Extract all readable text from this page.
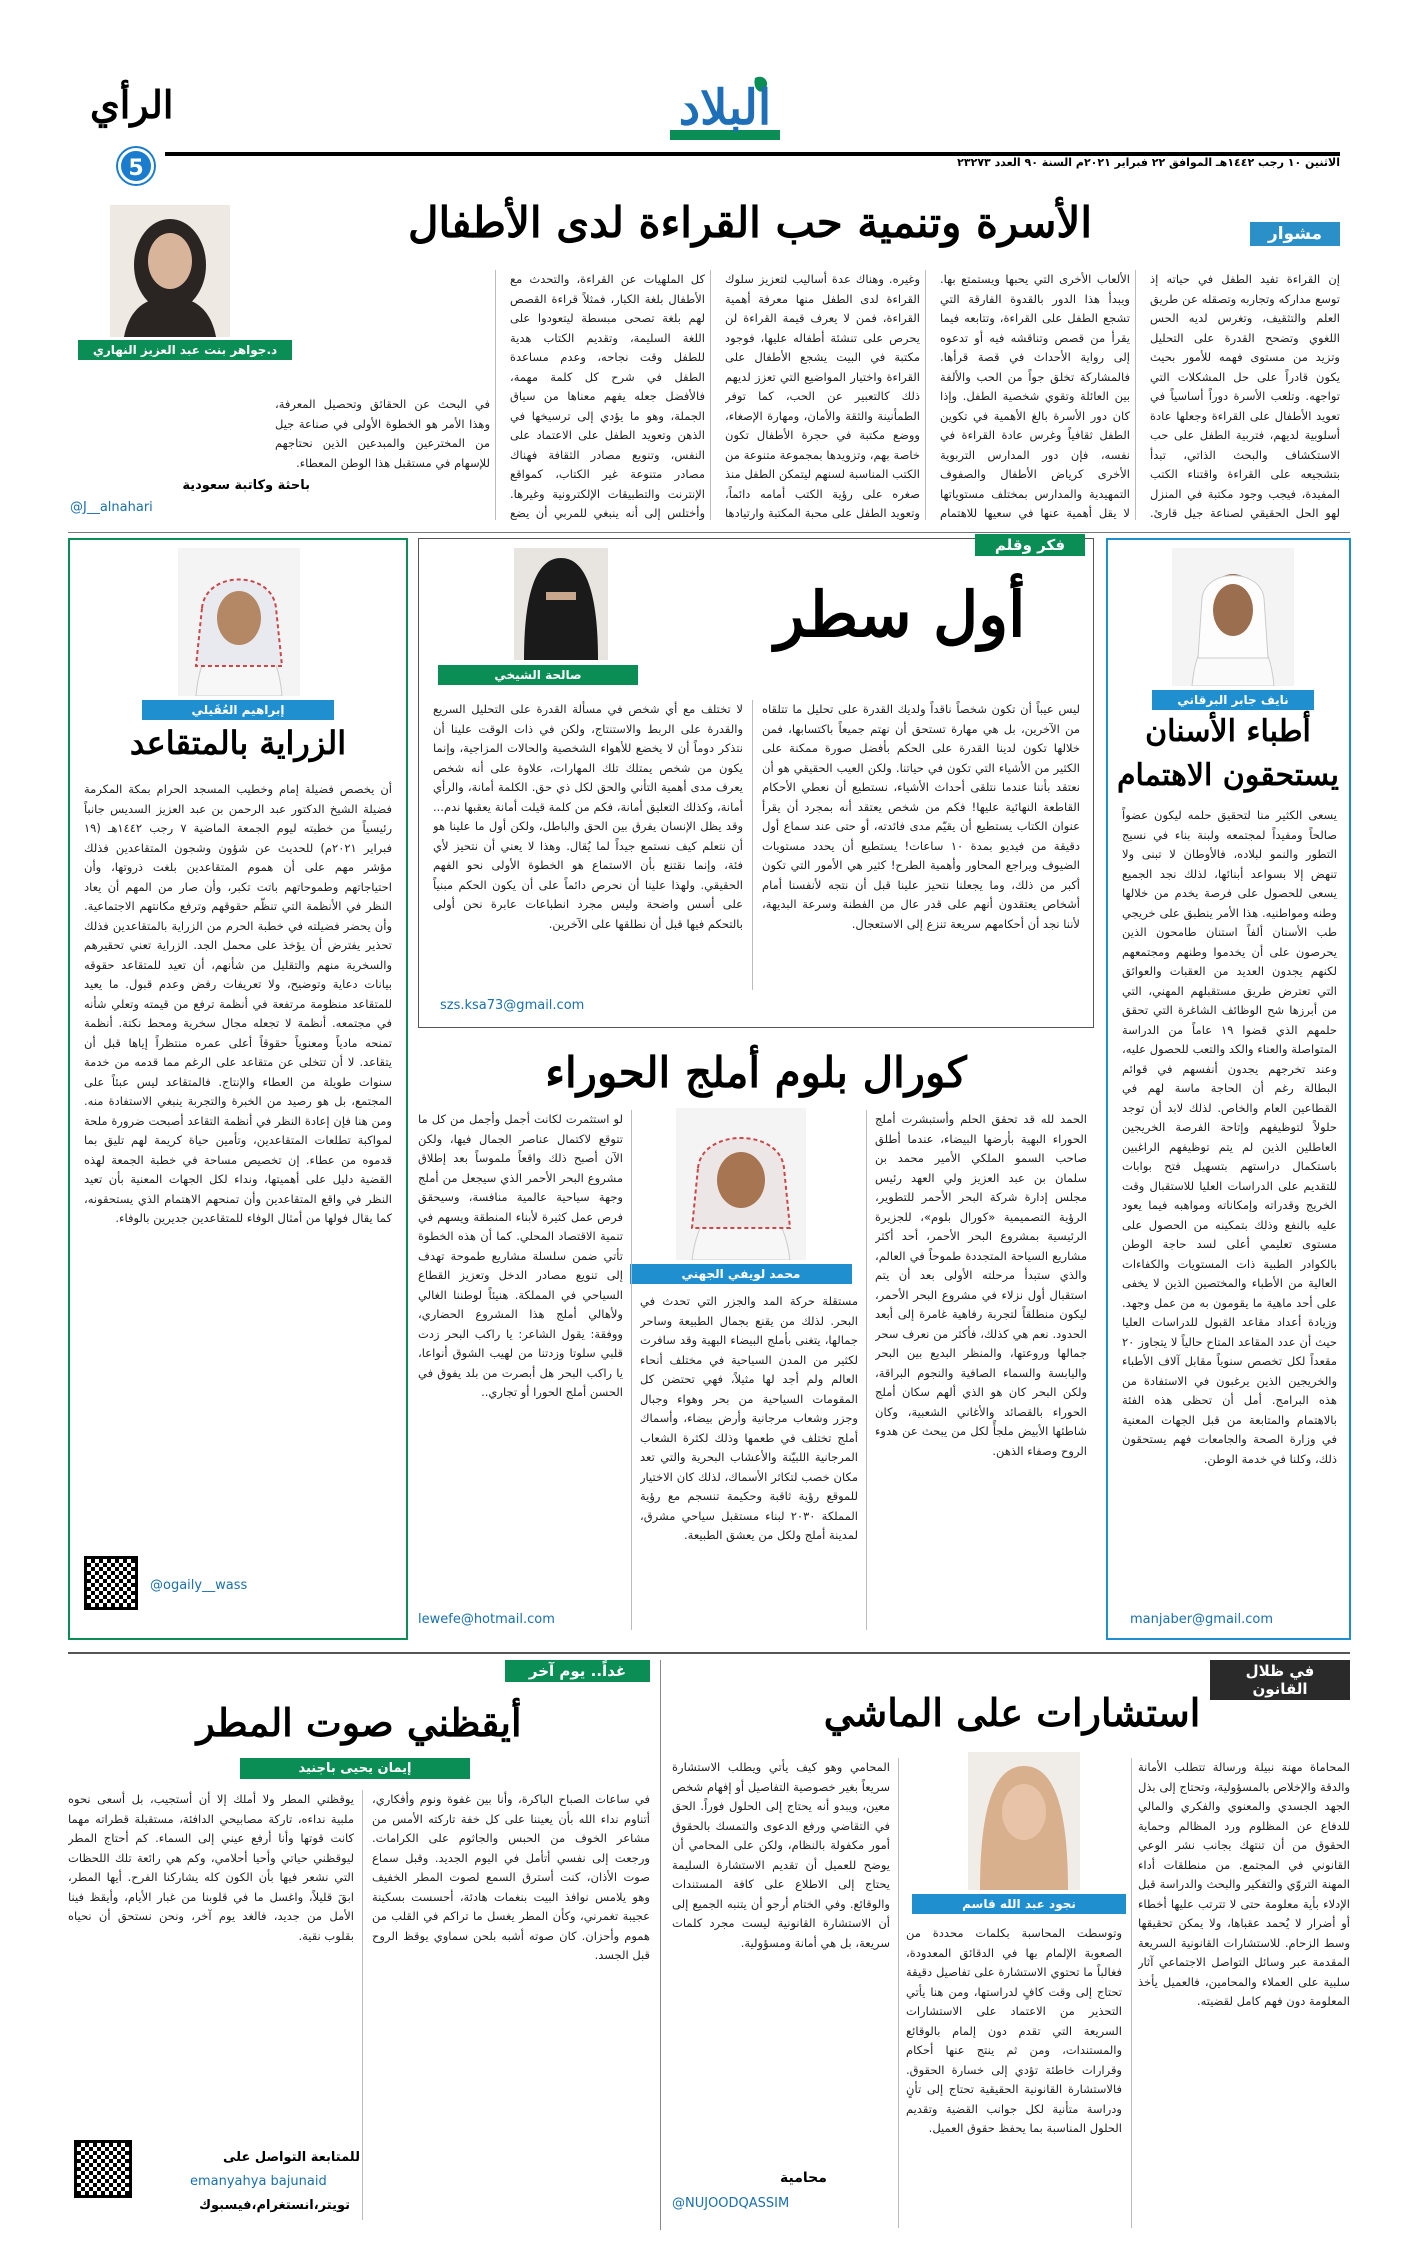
الرأي
5
البلاد
الاثنين ١٠ رجب ١٤٤٢هـ الموافق ٢٢ فبراير ٢٠٢١م السنة ٩٠ العدد ٢٣٢٧٣
مشوار
الأسرة وتنمية حب القراءة لدى الأطفال
د.جواهر بنت عبد العزيز النهاري
إن القراءة تفيد الطفل في حياته إذ توسع مداركه وتجاربه وتصقله عن طريق العلم والتثقيف، وتغرس لديه الحس اللغوي وتضحح القدرة على التحليل وتزيد من مستوى فهمه للأمور بحيث يكون قادراً على حل المشكلات التي تواجهه. وتلعب الأسرة دوراً أساسياً في تعويد الأطفال على القراءة وجعلها عادة أسلوبية لديهم، فتربية الطفل على حب الاستكشاف والبحث الذاتي، تبدأ بتشجيعه على القراءة واقتناء الكتب المفيدة، فيجب وجود مكتبة في المنزل لهو الحل الحقيقي لصناعة جيل قارئ.
الألعاب الأخرى التي يحبها ويستمتع بها. ويبدأ هذا الدور بالقدوة الفارقة التي تشجع الطفل على القراءة، وتتابعه فيما يقرأ من قصص وتناقشه فيه أو تدعوه إلى رواية الأحداث في قصة قرأها. فالمشاركة تخلق جواً من الحب والألفة بين العائلة وتقوي شخصية الطفل. وإذا كان دور الأسرة بالغ الأهمية في تكوين الطفل ثقافياً وغرس عادة القراءة في نفسه، فإن دور المدارس التربوية الأخرى كرياض الأطفال والصفوف التمهيدية والمدارس بمختلف مستوياتها لا يقل أهمية عنها في سعيها للاهتمام
وغيره. وهناك عدة أساليب لتعزيز سلوك القراءة لدى الطفل منها معرفة أهمية القراءة، فمن لا يعرف قيمة القراءة لن يحرص على تنشئة أطفاله عليها، فوجود مكتبة في البيت يشجع الأطفال على القراءة واختيار المواضيع التي تعزز لديهم ذلك كالتعبير عن الحب، كما توفر الطمأنينة والثقة والأمان، ومهارة الإصغاء، ووضع مكتبة في حجرة الأطفال تكون خاصة بهم، وتزويدها بمجموعة متنوعة من الكتب المناسبة لسنهم ليتمكن الطفل منذ صغره على رؤية الكتب أمامه دائماً، وتعويد الطفل على محبة المكتبة وارتيادها
كل الملهيات عن القراءة، والتحدث مع الأطفال بلغة الكبار، فمثلاً قراءة القصص لهم بلغة تصحى مبسطة ليتعودوا على اللغة السليمة، وتقديم الكتاب هدية للطفل وقت نجاحه، وعدم مساعدة الطفل في شرح كل كلمة مهمة، فالأفضل جعله يفهم معناها من سياق الجملة، وهو ما يؤدي إلى ترسيخها في الذهن وتعويد الطفل على الاعتماد على النفس، وتنويع مصادر الثقافة فهناك مصادر متنوعة غير الكتاب، كمواقع الإنترنت والتطبيقات الإلكترونية وغيرها. وأختلس إلى أنه ينبغي للمربي أن يضع
في البحث عن الحقائق وتحصيل المعرفة، وهذا الأمر هو الخطوة الأولى في صناعة جيل من المخترعين والمبدعين الذين نحتاجهم للإسهام في مستقبل هذا الوطن المعطاء.
باحثة وكاتبة سعودية
@J__alnahari
نايف جابر البرقاني
أطباء الأسنان
يستحقون الاهتمام
يسعى الكثير منا لتحقيق حلمه ليكون عضواً صالحاً ومفيداً لمجتمعه ولبنة بناء في نسيج التطور والنمو لبلاده، فالأوطان لا تبنى ولا تنهض إلا بسواعد أبنائها، لذلك نجد الجميع يسعى للحصول على فرصة يخدم من خلالها وطنه ومواطنيه. هذا الأمر ينطبق على خريجي طب الأسنان ألفاً استنان طامحون الذين يحرصون على أن يخدموا وطنهم ومجتمعهم لكنهم يجدون العديد من العقبات والعوائق التي تعترض طريق مستقبلهم المهني، التي من أبرزها شح الوظائف الشاغرة التي تحقق حلمهم الذي قضوا ١٩ عاماً من الدراسة المتواصلة والعناء والكد والتعب للحصول عليه، وعند تخرجهم يجدون أنفسهم في قوائم البطالة رغم أن الحاجة ماسة لهم في القطاعين العام والخاص. لذلك لابد أن توجد حلولاً لتوظيفهم وإتاحة الفرصة الخريجين العاطلين الذين لم يتم توظيفهم الراغبين باستكمال دراستهم بتسهيل فتح بوابات للتقديم على الدراسات العليا للاستقبال وقت الخريج وقدراته وإمكاناته ومواهبه فيما يعود عليه بالنفع وذلك بتمكينه من الحصول على مستوى تعليمي أعلى لسد حاجة الوطن بالكوادر الطبية ذات المستويات والكفاءات العالية من الأطباء والمختصين الذين لا يخفى على أحد ماهية ما يقومون به من عمل وجهد. وزيادة أعداد مقاعد القبول للدراسات العليا حيث أن عدد المقاعد المتاح حالياً لا يتجاوز ٢٠ مقعداً لكل تخصص سنوياً مقابل آلاف الأطباء والخريجين الذين يرغبون في الاستفادة من هذه البرامج. أمل أن تحظى هذه الفئة بالاهتمام والمتابعة من قبل الجهات المعنية في وزارة الصحة والجامعات فهم يستحقون ذلك، وكلنا في خدمة الوطن.
manjaber@gmail.com
فكر وقلم
أول سطر
صالحة الشيخي
ليس عيباً أن تكون شخصاً ناقداً ولديك القدرة على تحليل ما تتلقاه من الآخرين، بل هي مهارة تستحق أن نهتم جميعاً باكتسابها، فمن خلالها تكون لدينا القدرة على الحكم بأفضل صورة ممكنة على الكثير من الأشياء التي تكون في حياتنا. ولكن العيب الحقيقي هو أن نعتقد بأننا عندما نتلقى أحداث الأشياء، نستطيع أن نعطي الأحكام القاطعة النهائية عليها! فكم من شخص يعتقد أنه بمجرد أن يقرأ عنوان الكتاب يستطيع أن يقيّم مدى فائدته، أو حتى عند سماع أول دقيقة من فيديو بمدة ١٠ ساعات! يستطيع أن يحدد مستويات الضيوف ويراجع المحاور وأهمية الطرح! كثير هي الأمور التي تكون أكبر من ذلك، وما يجعلنا نتحيز علينا قبل أن نتجه لأنفسنا أمام أشخاص يعتقدون أنهم على قدر عال من الفطنة وسرعة البديهة، لأننا نجد أن أحكامهم سريعة تنزع إلى الاستعجال.
لا تختلف مع أي شخص في مسألة القدرة على التحليل السريع والقدرة على الربط والاستنتاج، ولكن في ذات الوقت علينا أن نتذكر دوماً أن لا يخضع للأهواء الشخصية والحالات المزاجية، وإنما يكون من شخص يمتلك تلك المهارات، علاوة على أنه شخص يعرف مدى أهمية التأني والحق لكل ذي حق. الكلمة أمانة، والرأي أمانة، وكذلك التعليق أمانة، فكم من كلمة قيلت أمانة يعقبها ندم... وقد يظل الإنسان يفرق بين الحق والباطل، ولكن أول ما علينا هو أن نتعلم كيف نستمع جيداً لما يُقال. وهذا لا يعني أن نتحيز لأي فئة، وإنما نقتنع بأن الاستماع هو الخطوة الأولى نحو الفهم الحقيقي. ولهذا علينا أن نحرص دائماً على أن يكون الحكم مبنياً على أسس واضحة وليس مجرد انطباعات عابرة نحن أولى بالتحكم فيها قبل أن نطلقها على الآخرين.
szs.ksa73@gmail.com
إبراهيم العُقَيلي
الزراية بالمتقاعد
أن يخصص فضيلة إمام وخطيب المسجد الحرام بمكة المكرمة فضيلة الشيخ الدكتور عبد الرحمن بن عبد العزيز السديس جانباً رئيسياً من خطبته ليوم الجمعة الماضية ٧ رجب ١٤٤٢هـ (١٩ فبراير ٢٠٢١م) للحديث عن شؤون وشجون المتقاعدين فذلك مؤشر مهم على أن هموم المتقاعدين بلغت ذروتها، وأن احتياجاتهم وطموحاتهم باتت تكبر، وأن صار من المهم أن يعاد النظر في الأنظمة التي تنظّم حقوقهم وترفع مكانتهم الاجتماعية. وأن يحضر فضيلته في خطبة الحرم من الزراية بالمتقاعدين فذلك تحذير يفترض أن يؤخذ على محمل الجد. الزراية تعني تحقيرهم والسخرية منهم والتقليل من شأنهم، أن تعيد للمتقاعد حقوقه بيانات دعاية وتوضيح، ولا تعريفات رفض وعدم قبول. ما يعيد للمتقاعد منظومة مرتفعة في أنظمة ترفع من قيمته وتعلي شأنه في مجتمعه. أنظمة لا تجعله مجال سخرية ومحط نكتة. أنظمة تمنحه مادياً ومعنوياً حقوقاً أعلى عمره منتظراً إياها قبل أن يتقاعد. لا أن تتخلى عن متقاعد على الرغم مما قدمه من خدمة سنوات طويلة من العطاء والإنتاج. فالمتقاعد ليس عبئاً على المجتمع، بل هو رصيد من الخبرة والتجربة ينبغي الاستفادة منه. ومن هنا فإن إعادة النظر في أنظمة التقاعد أصبحت ضرورة ملحة لمواكبة تطلعات المتقاعدين، وتأمين حياة كريمة لهم تليق بما قدموه من عطاء. إن تخصيص مساحة في خطبة الجمعة لهذه القضية دليل على أهميتها، ونداء لكل الجهات المعنية بأن تعيد النظر في واقع المتقاعدين وأن تمنحهم الاهتمام الذي يستحقونه، كما يقال فولها من أمثال الوفاء للمتقاعدين جديرين بالوفاء.
@ogaily__wass
كورال بلوم أملج الحوراء
الحمد لله قد تحقق الحلم وأستبشرت أملج الحوراء البهية بأرضها البيضاء، عندما أطلق صاحب السمو الملكي الأمير محمد بن سلمان بن عبد العزيز ولي العهد رئيس مجلس إدارة شركة البحر الأحمر للتطوير، الرؤية التصميمية «كورال بلوم»، للجزيرة الرئيسية بمشروع البحر الأحمر، أحد أكثر مشاريع السياحة المتجددة طموحاً في العالم، والذي ستبدأ مرحلته الأولى بعد أن يتم استقبال أول نزلاء في مشروع البحر الأحمر، ليكون منطلقاً لتجربة رفاهية غامرة إلى أبعد الحدود. نعم هي كذلك، فأكثر من نعرف سحر جمالها وروعتها، والمنظر البديع بين البحر واليابسة والسماء الصافية والنجوم البراقة، ولكن البحر كان هو الذي ألهم سكان أملج الحوراء بالقصائد والأغاني الشعبية، وكان شاطئها الأبيض ملجأً لكل من يبحث عن هدوء الروح وصفاء الذهن.
محمد لويفي الجهني
مستقلة حركة المد والجزر التي تحدث في البحر. لذلك من يقنع بجمال الطبيعة وساحر جمالها، يتغنى بأملج البيضاء البهية وقد سافرت لكثير من المدن السياحية في مختلف أنحاء العالم ولم أجد لها مثيلاً، فهي تحتضن كل المقومات السياحية من بحر وهواء وجبال وجزر وشعاب مرجانية وأرض بيضاء، وأسماك أملج تختلف في طعمها وذلك لكثرة الشعاب المرجانية اللبيّنة والأعشاب البحرية والتي تعد مكان خصب لتكاثر الأسماك، لذلك كان الاختيار للموقع رؤية ثاقبة وحكيمة تنسجم مع رؤية المملكة ٢٠٣٠ لبناء مستقبل سياحي مشرق، لمدينة أملج ولكل من يعشق الطبيعة.
لو استثمرت لكانت أجمل وأجمل من كل ما تتوقع لاكتمال عناصر الجمال فيها، ولكن الآن أصبح ذلك واقعاً ملموساً بعد إطلاق مشروع البحر الأحمر الذي سيجعل من أملج وجهة سياحية عالمية منافسة، وسيحقق فرص عمل كثيرة لأبناء المنطقة ويسهم في تنمية الاقتصاد المحلي. كما أن هذه الخطوة تأتي ضمن سلسلة مشاريع طموحة تهدف إلى تنويع مصادر الدخل وتعزيز القطاع السياحي في المملكة. هنيئاً لوطننا الغالي ولأهالي أملج هذا المشروع الحضاري، ووفقة: يقول الشاعر: يا راكب البحر زدت قلبي سلوتا وزدتنا من لهيب الشوق أنواعا، يا راكب البحر هل أبصرت من بلد يفوق في الحسن أملج الحورا أو تجاري..
lewefe@hotmail.com
في ظلال القانون
استشارات على الماشي
المحاماة مهنة نبيلة ورسالة تتطلب الأمانة والدقة والإخلاص بالمسؤولية، وتحتاج إلى بذل الجهد الجسدي والمعنوي والفكري والمالي للدفاع عن المظلوم ورد المظالم وحماية الحقوق من أن تنتهك بجانب نشر الوعي القانوني في المجتمع. من منطلقات أداء المهنة التروّي والتفكير والبحث والدراسة قبل الإدلاء بأية معلومة حتى لا تترتب عليها أخطاء أو أضرار لا يُحمد عقباها، ولا يمكن تحقيقها وسط الزحام. للاستشارات القانونية السريعة المقدمة عبر وسائل التواصل الاجتماعي آثار سلبية على العملاء والمحامين، فالعميل يأخذ المعلومة دون فهم كامل لقضيته.
نجود عبد الله قاسم
وتوسطت المحاسبة بكلمات محددة من الصعوبة الإلمام بها في الدقائق المعدودة، فغالباً ما تحتوي الاستشارة على تفاصيل دقيقة تحتاج إلى وقت كافٍ لدراستها، ومن هنا يأتي التحذير من الاعتماد على الاستشارات السريعة التي تقدم دون إلمام بالوقائع والمستندات، ومن ثم ينتج عنها أحكام وقرارات خاطئة تؤدي إلى خسارة الحقوق. فالاستشارة القانونية الحقيقية تحتاج إلى تأنٍ ودراسة متأنية لكل جوانب القضية وتقديم الحلول المناسبة بما يحفظ حقوق العميل.
المحامي وهو كيف يأتي ويطلب الاستشارة سريعاً بغير خصوصية التفاصيل أو إفهام شخص معين، ويبدو أنه يحتاج إلى الحلول فوراً. الحق في التقاضي ورفع الدعوى والتمسك بالحقوق أمور مكفولة بالنظام، ولكن على المحامي أن يوضح للعميل أن تقديم الاستشارة السليمة يحتاج إلى الاطلاع على كافة المستندات والوقائع. وفي الختام أرجو أن يتنبه الجميع إلى أن الاستشارة القانونية ليست مجرد كلمات سريعة، بل هي أمانة ومسؤولية.
محامية
@NUJOODQASSIM
غداً.. يوم آخر
أيقظني صوت المطر
إيمان يحيى باجنيد
في ساعات الصباح الباكرة، وأنا بين غفوة ونوم وأفكاري، أتناوم نداء الله بأن يعيننا على كل خفة تاركته الأمس من مشاعر الخوف من الحبس والجاثوم على الكرامات. ورجعت إلى نفسي أتأمل في اليوم الجديد. وقبل سماع صوت الأذان، كنت أسترق السمع لصوت المطر الخفيف وهو يلامس نوافذ البيت بنغمات هادئة، أحسست بسكينة عجيبة تغمرني، وكأن المطر يغسل ما تراكم في القلب من هموم وأحزان. كان صوته أشبه بلحن سماوي يوقظ الروح قبل الجسد.
يوقظني المطر ولا أملك إلا أن أستجيب، بل أسعى نحوه ملبية نداءه، تاركة مصابيحي الدافئة، مستقبلة قطراته مهما كانت قوتها وأنا أرفع عيني إلى السماء. كم أحتاج المطر ليوقظني حياتي وأحيا أحلامي، وكم هي رائعة تلك اللحظات التي نشعر فيها بأن الكون كله يشاركنا الفرح. أيها المطر، ابقَ قليلاً، واغسل ما في قلوبنا من غبار الأيام، وأيقظ فينا الأمل من جديد، فالغد يوم آخر، ونحن نستحق أن نحياه بقلوب نقية.
للمتابعة التواصل على
emanyahya bajunaid
تويتر،انستغرام،فيسبوك
